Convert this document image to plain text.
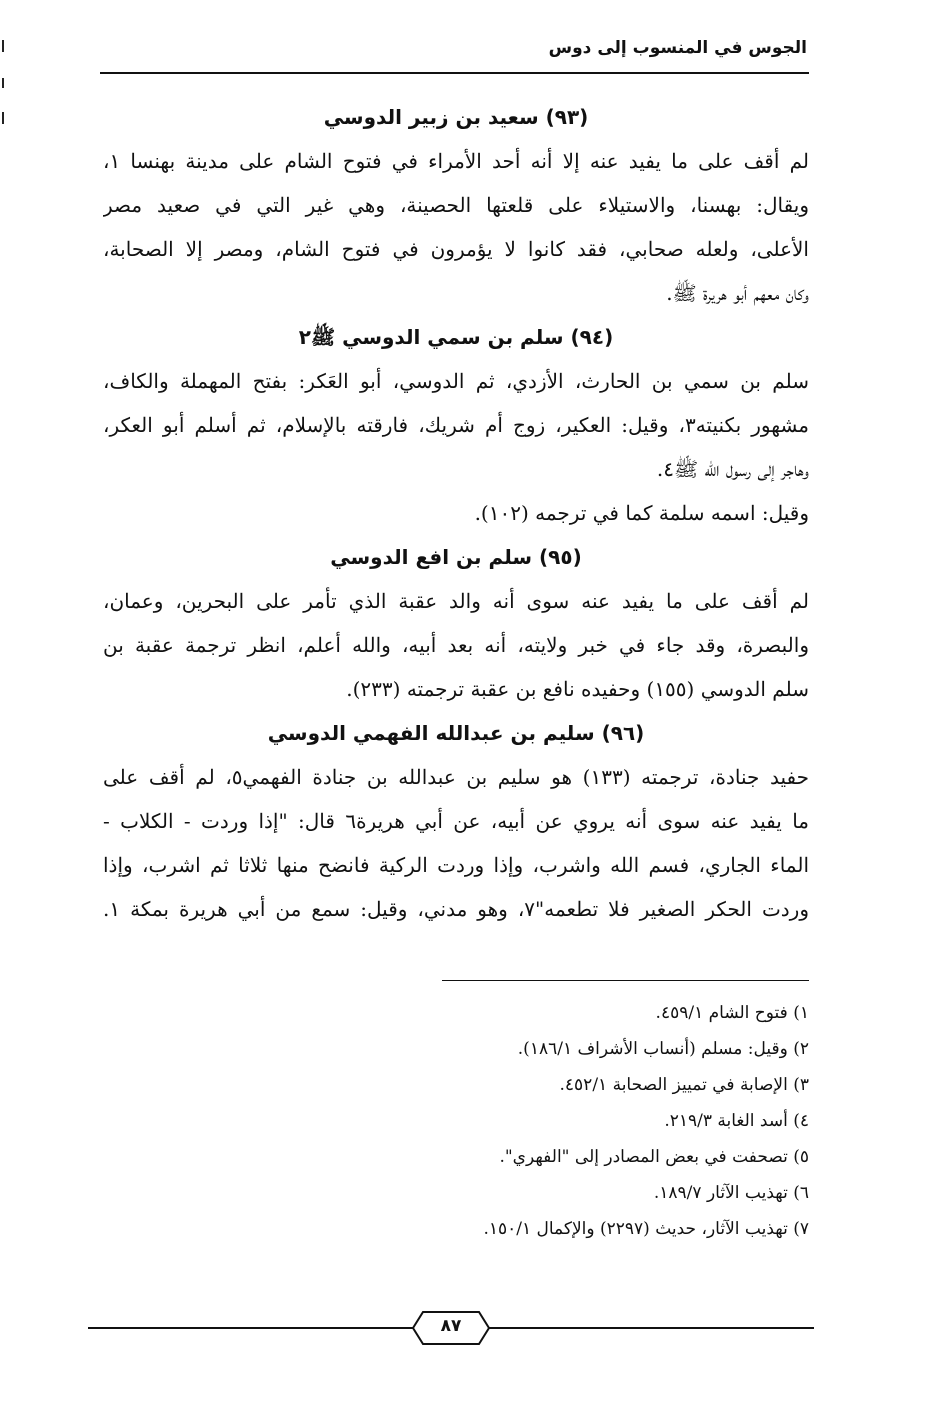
الجوس في المنسوب إلى دوس
(٩٣) سعيد بن زبير الدوسي

لم أقف على ما يفيد عنه إلا أنه أحد الأمراء في فتوح الشام على مدينة بهنسا ١،

ويقال: بهسنا، والاستيلاء على قلعتها الحصينة، وهي غير التي في صعيد مصر

الأعلى، ولعله صحابي، فقد كانوا لا يؤمرون في فتوح الشام، ومصر إلا الصحابة،

وكان معهم أبو هريرة ﷺ.

(٩٤) سلم بن سمي الدوسي ﷺ٢

سلم بن سمي بن الحارث، الأزدي، ثم الدوسي، أبو العَكر: بفتح المهملة والكاف،

مشهور بكنيته٣، وقيل: العكير، زوج أم شريك، فارقته بالإسلام، ثم أسلم أبو العكر،

وهاجر إلى رسول الله ﷺ٤.

وقيل: اسمه سلمة كما في ترجمه (١٠٢).

(٩٥) سلم بن افع الدوسي

لم أقف على ما يفيد عنه سوى أنه والد عقبة الذي تأمر على البحرين، وعمان،

والبصرة، وقد جاء في خبر ولايته، أنه بعد أبيه، والله أعلم، انظر ترجمة عقبة بن

سلم الدوسي (١٥٥) وحفيده نافع بن عقبة ترجمته (٢٣٣).

(٩٦) سليم بن عبدالله الفهمي الدوسي

حفيد جنادة، ترجمته (١٣٣) هو سليم بن عبدالله بن جنادة الفهمي٥، لم أقف على

ما يفيد عنه سوى أنه يروي عن أبيه، عن أبي هريرة٦ قال: "إذا وردت - الكلاب -

الماء الجاري، فسم الله واشرب، وإذا وردت الركية فانضح منها ثلاثا ثم اشرب، وإذا

وردت الحكر الصغير فلا تطعمه"٧، وهو مدني، وقيل: سمع من أبي هريرة بمكة ١.

١) فتوح الشام ٤٥٩/١.
٢) وقيل: مسلم (أنساب الأشراف ١٨٦/١).
٣) الإصابة في تمييز الصحابة ٤٥٢/١.
٤) أسد الغابة ٢١٩/٣.
٥) تصحفت في بعض المصادر إلى "الفهري".
٦) تهذيب الآثار ١٨٩/٧.
٧) تهذيب الآثار، حديث (٢٢٩٧) والإكمال ١٥٠/١.
٨٧
